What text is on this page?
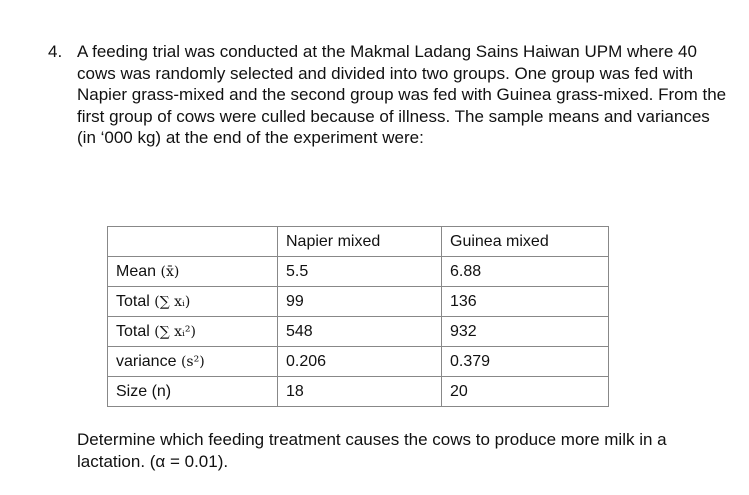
4. A feeding trial was conducted at the Makmal Ladang Sains Haiwan UPM where 40 cows was randomly selected and divided into two groups. One group was fed with Napier grass-mixed and the second group was fed with Guinea grass-mixed. From the first group of cows were culled because of illness. The sample means and variances (in ‘000 kg) at the end of the experiment were:
	Napier mixed	Guinea mixed
Mean (x̄)	5.5	6.88
Total (∑ xᵢ)	99	136
Total (∑ xᵢ²)	548	932
variance (s²)	0.206	0.379
Size (n)	18	20
Determine which feeding treatment causes the cows to produce more milk in a lactation. (α = 0.01).
